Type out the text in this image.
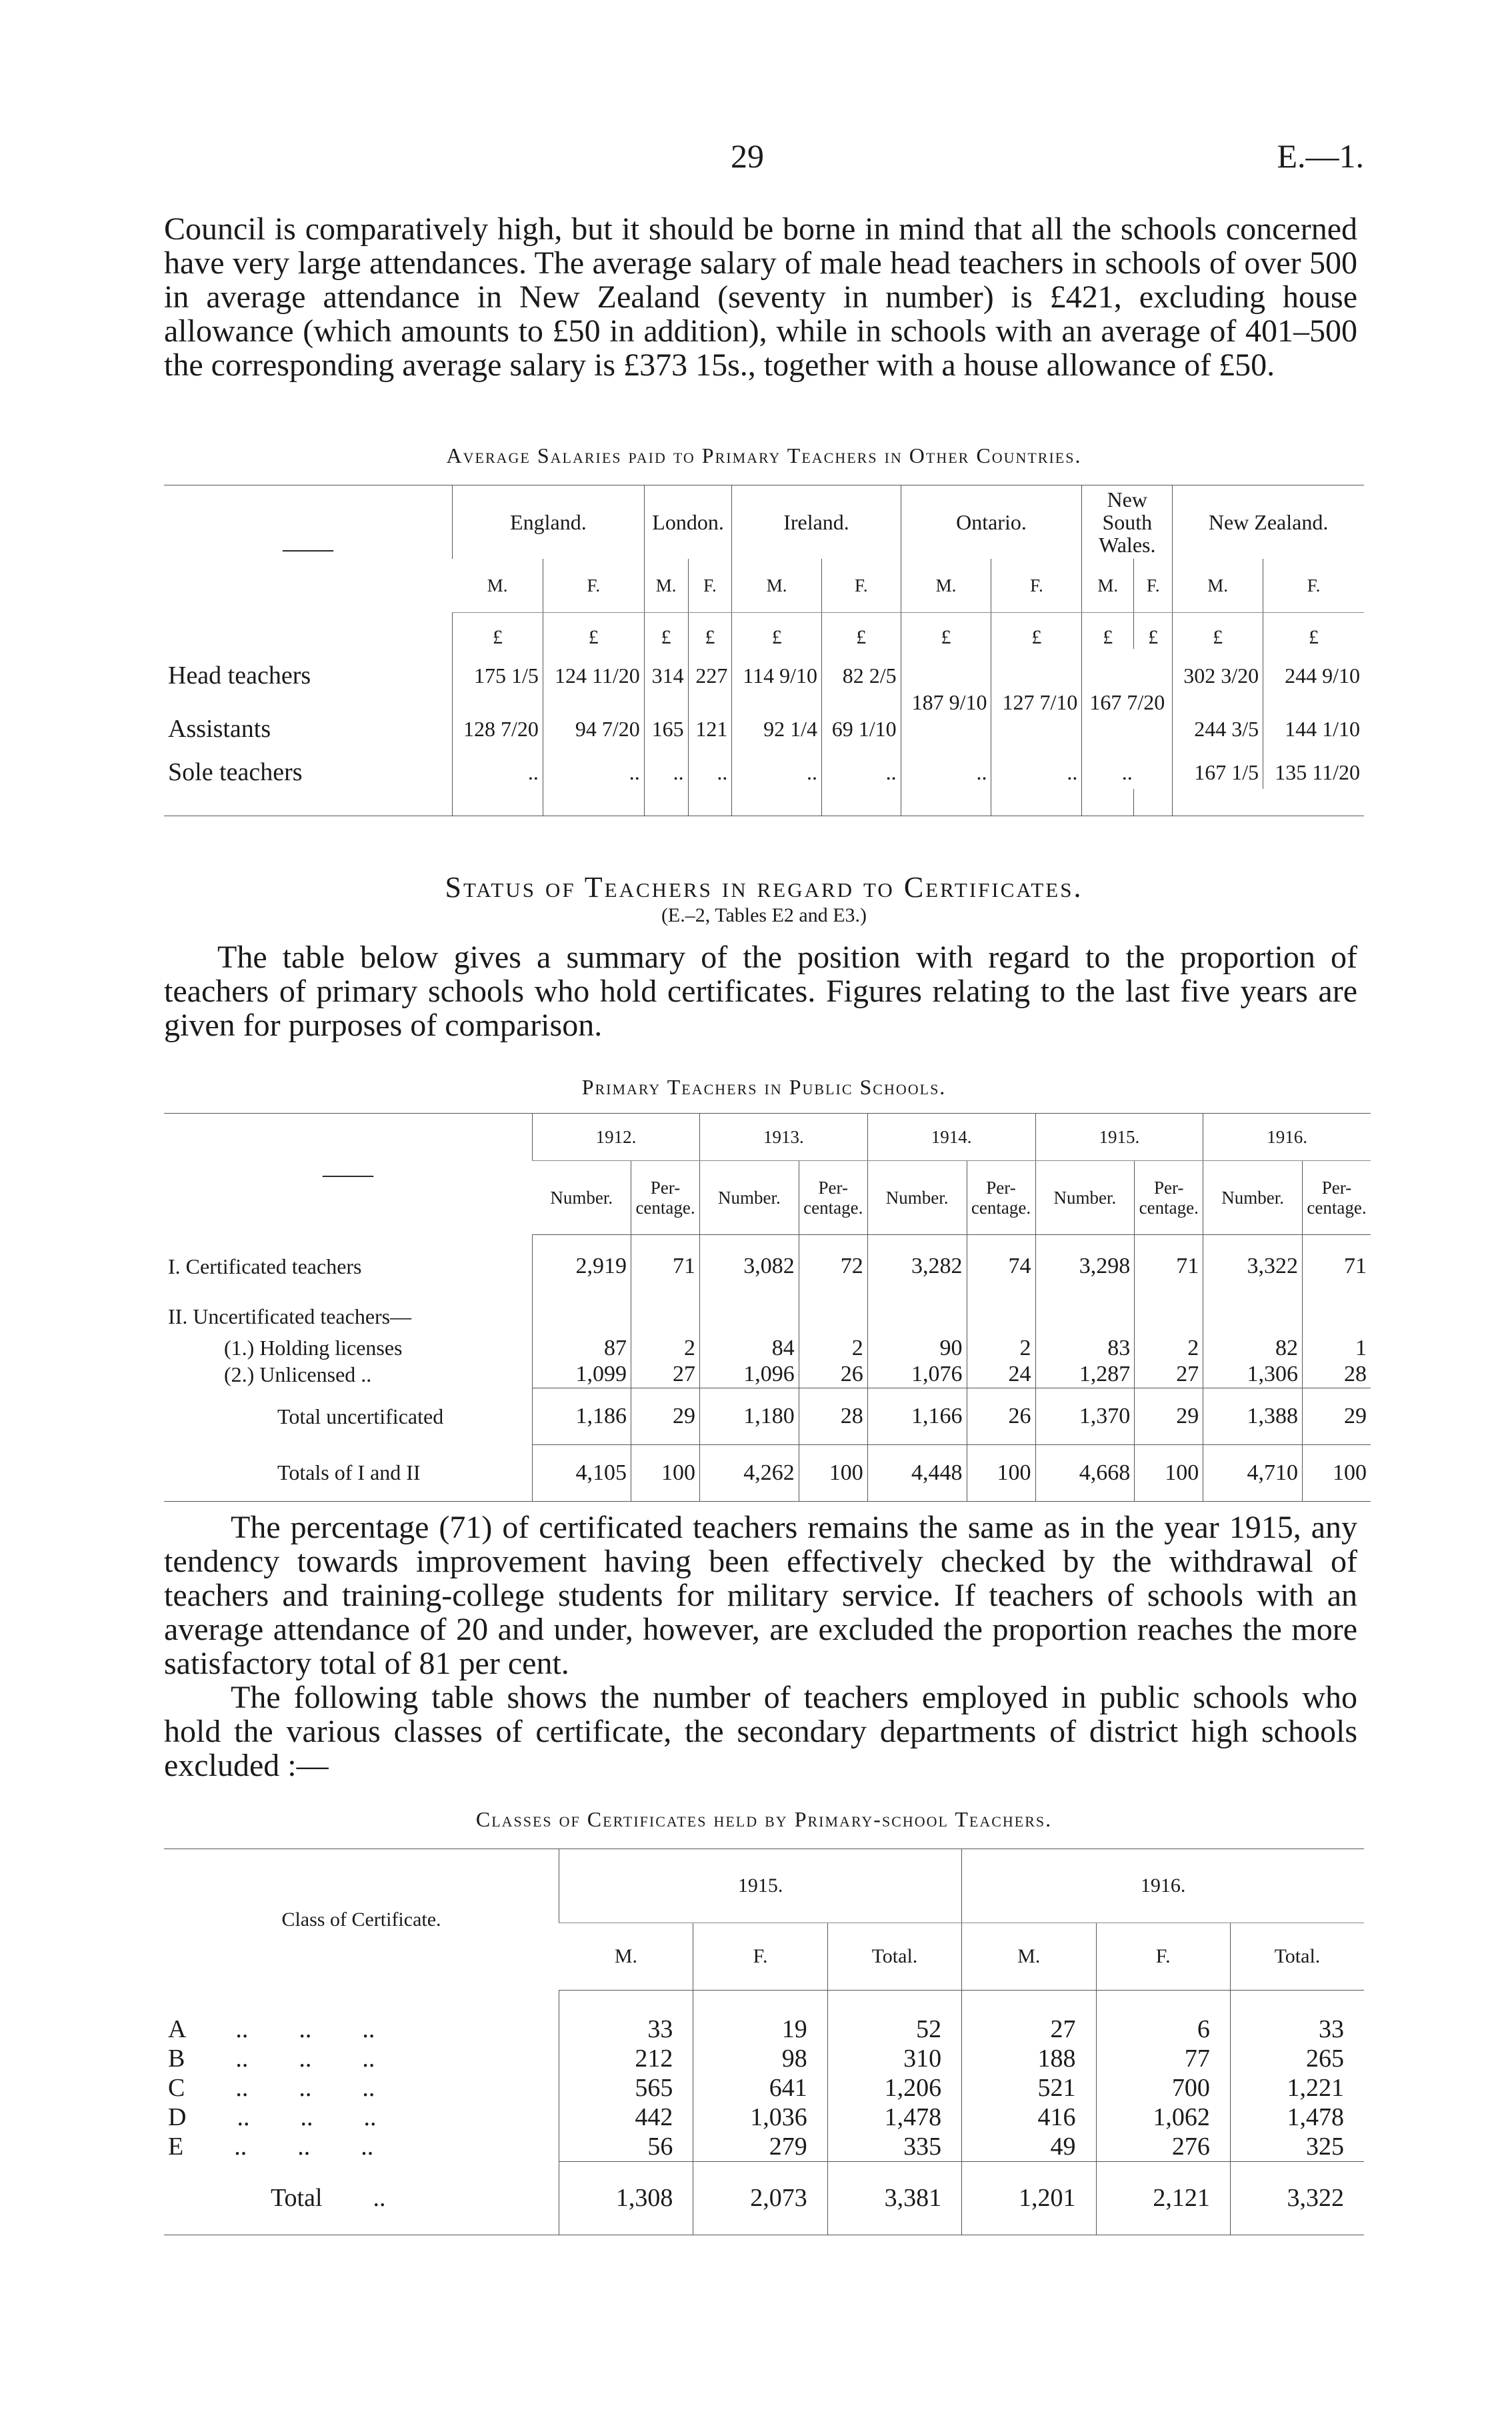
29	E.—1.

Council is comparatively high, but it should be borne in mind that all the schools concerned have very large attendances. The average salary of male head teachers in schools of over 500 in average attendance in New Zealand (seventy in number) is £421, excluding house allowance (which amounts to £50 in addition), while in schools with an average of 401–500 the corresponding average salary is £373 15s., together with a house allowance of £50.

Average Salaries paid to Primary Teachers in Other Countries.
——	England.		London.		Ireland.		Ontario.		New South Wales.		New Zealand.	
	M.	F.	M.	F.	M.	F.	M.	F.	M.	F.	M.	F.
	£	£	£	£	£	£	£	£	£	£	£	£
Head teachers	175 1/5	124 11/20	314	227	114 9/10	82 2/5	187 9/10	127 7/10	167 7/20		302 3/20	244 9/10
Assistants	128 7/20	94 7/20	165	121	92 1/4	69 1/10					244 3/5	144 1/10
Sole teachers	..	..	..	..	..	..	..	..	..		167 1/5	135 11/20

Status of Teachers in regard to Certificates.
(E.–2, Tables E2 and E3.)

The table below gives a summary of the position with regard to the proportion of teachers of primary schools who hold certificates. Figures relating to the last five years are given for purposes of comparison.

Primary Teachers in Public Schools.
——	1912.		1913.		1914.		1915.		1916.	
	Number.	Per-centage.	Number.	Per-centage.	Number.	Per-centage.	Number.	Per-centage.	Number.	Per-centage.
I. Certificated teachers	2,919	71	3,082	72	3,282	74	3,298	71	3,322	71
II. Uncertificated teachers—										
(1.) Holding licenses	87	2	84	2	90	2	83	2	82	1
(2.) Unlicensed ..	1,099	27	1,096	26	1,076	24	1,287	27	1,306	28
Total uncertificated	1,186	29	1,180	28	1,166	26	1,370	29	1,388	29
Totals of I and II	4,105	100	4,262	100	4,448	100	4,668	100	4,710	100

The percentage (71) of certificated teachers remains the same as in the year 1915, any tendency towards improvement having been effectively checked by the withdrawal of teachers and training-college students for military service. If teachers of schools with an average attendance of 20 and under, however, are excluded the proportion reaches the more satisfactory total of 81 per cent.

The following table shows the number of teachers employed in public schools who hold the various classes of certificate, the secondary departments of district high schools excluded :—

Classes of Certificates held by Primary-school Teachers.
Class of Certificate.	1915.			1916.		
	M.	F.	Total.	M.	F.	Total.
A        ..        ..        ..	33	19	52	27	6	33
B        ..        ..        ..	212	98	310	188	77	265
C        ..        ..        ..	565	641	1,206	521	700	1,221
D        ..        ..        ..	442	1,036	1,478	416	1,062	1,478
E        ..        ..        ..	56	279	335	49	276	325
Total        ..	1,308	2,073	3,381	1,201	2,121	3,322
